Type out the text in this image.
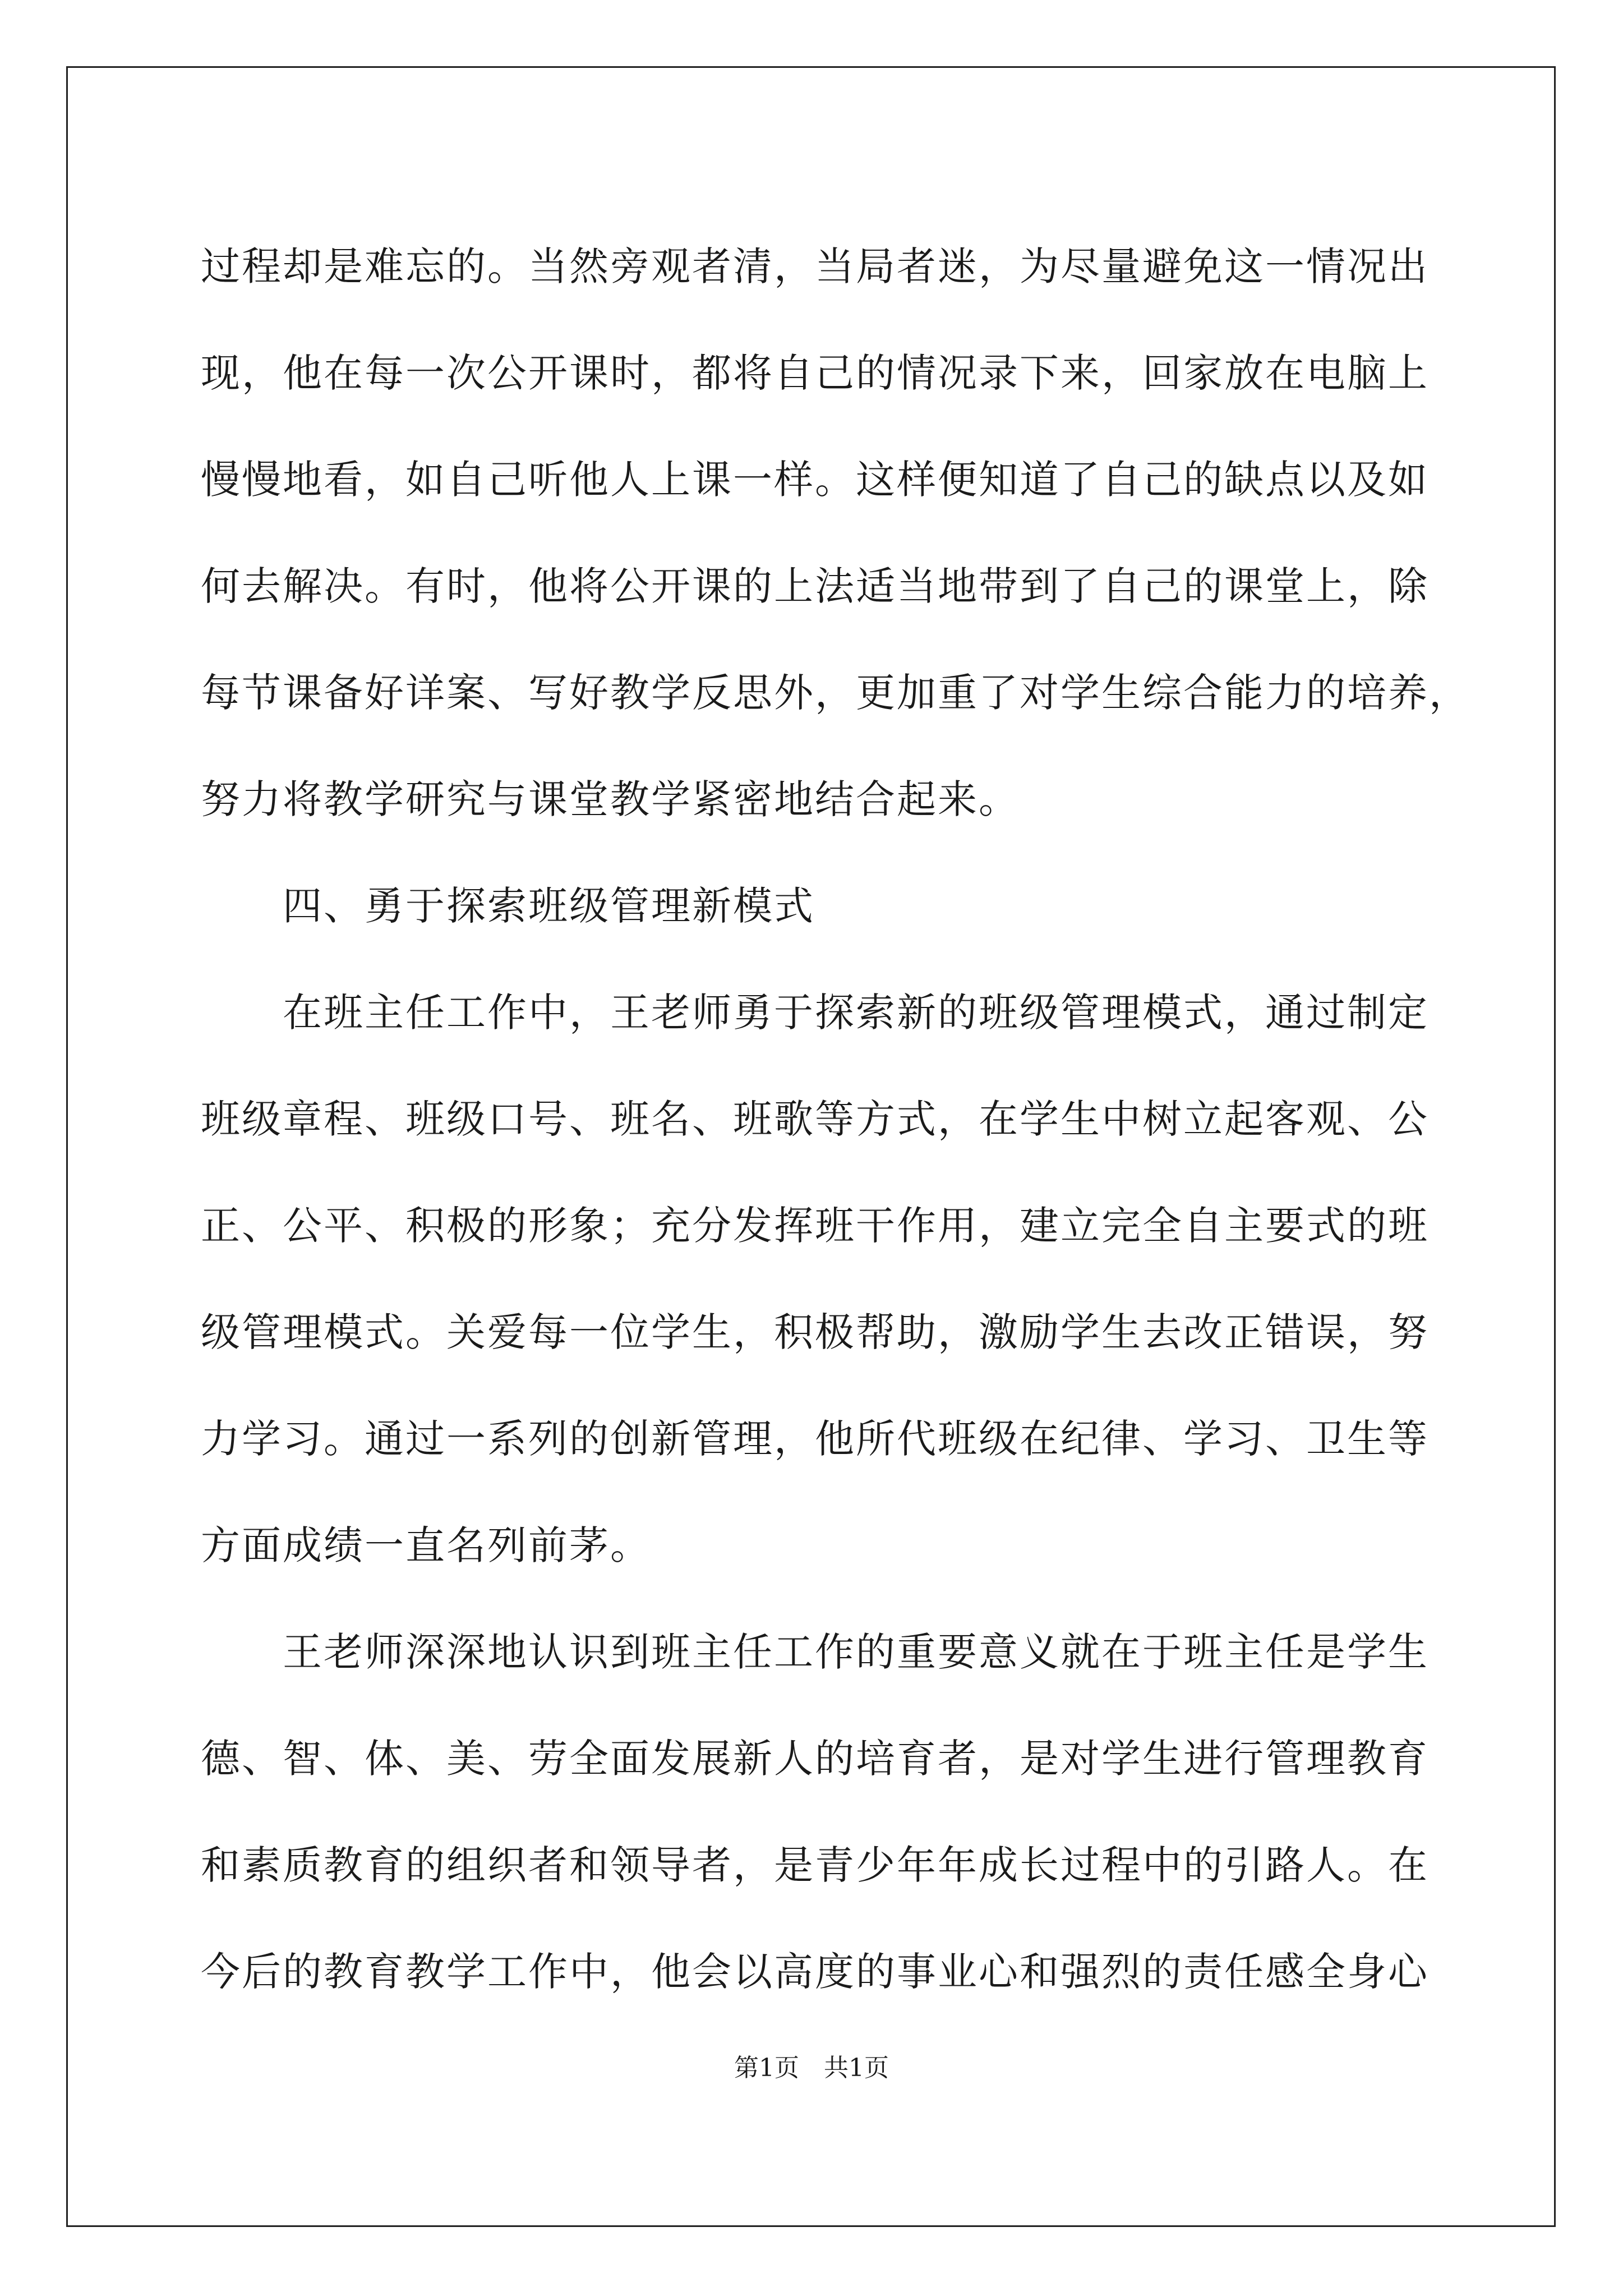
过程却是难忘的。当然旁观者清，当局者迷，为尽量避免这一情况出
现，他在每一次公开课时，都将自己的情况录下来，回家放在电脑上
慢慢地看，如自己听他人上课一样。这样便知道了自己的缺点以及如
何去解决。有时，他将公开课的上法适当地带到了自己的课堂上，除
每节课备好详案、写好教学反思外，更加重了对学生综合能力的培养，
努力将教学研究与课堂教学紧密地结合起来。
　　四、勇于探索班级管理新模式
　　在班主任工作中，王老师勇于探索新的班级管理模式，通过制定
班级章程、班级口号、班名、班歌等方式，在学生中树立起客观、公
正、公平、积极的形象；充分发挥班干作用，建立完全自主要式的班
级管理模式。关爱每一位学生，积极帮助，激励学生去改正错误，努
力学习。通过一系列的创新管理，他所代班级在纪律、学习、卫生等
方面成绩一直名列前茅。
　　王老师深深地认识到班主任工作的重要意义就在于班主任是学生
德、智、体、美、劳全面发展新人的培育者，是对学生进行管理教育
和素质教育的组织者和领导者，是青少年年成长过程中的引路人。在
今后的教育教学工作中，他会以高度的事业心和强烈的责任感全身心
第1页　共1页
